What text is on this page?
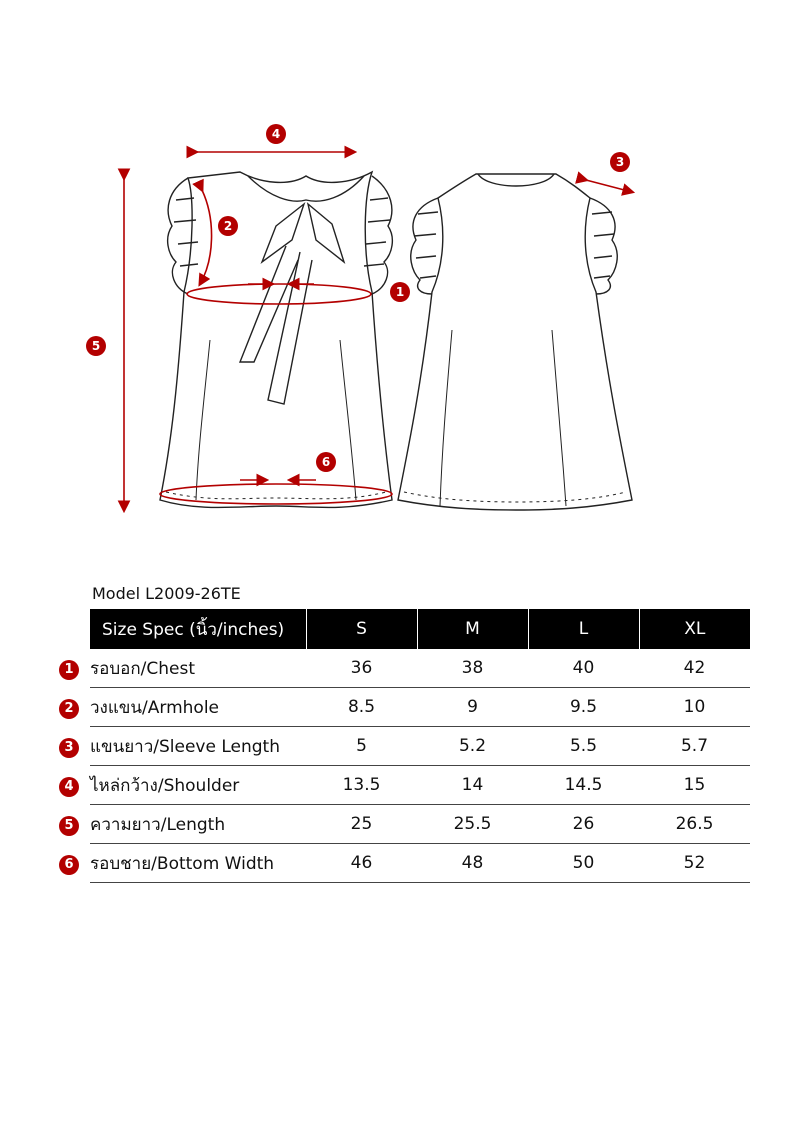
4
3
2
1
5
6
Model L2009-26TE
Size Spec (นิ้ว/inches)	S	M	L	XL
รอบอก/Chest	36	38	40	42
วงแขน/Armhole	8.5	9	9.5	10
แขนยาว/Sleeve Length	5	5.2	5.5	5.7
ไหล่กว้าง/Shoulder	13.5	14	14.5	15
ความยาว/Length	25	25.5	26	26.5
รอบชาย/Bottom Width	46	48	50	52
1
2
3
4
5
6
